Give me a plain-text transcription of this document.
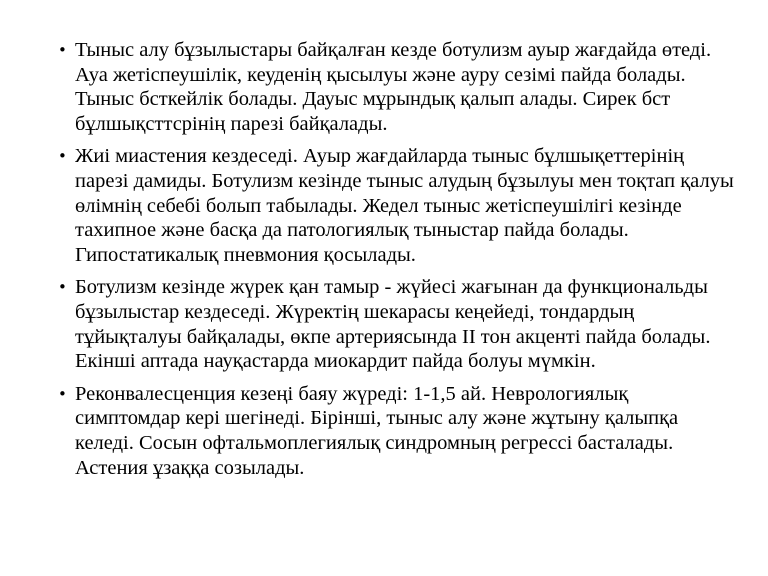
• Тыныс алу бұзылыстары байқалған кезде ботулизм ауыр жағдайда өтеді. Ауа жетіспеушілік, кеуденің қысылуы және ауру сезімі пайда болады. Тыныс бсткейлік болады. Дауыс мұрындық қалып алады. Сирек бст бұлшықсттсрінің парезі байқалады.
• Жиі миастения кездеседі. Ауыр жағдайларда тыныс бұлшықеттерінің парезі дамиды. Ботулизм кезінде тыныс алудың бұзылуы мен тоқтап қалуы өлімнің себебі болып табылады. Жедел тыныс жетіспеушілігі кезінде тахипное және басқа да патологиялық тыныстар пайда болады. Гипостатикалық пневмония қосылады.
• Ботулизм кезінде жүрек қан тамыр - жүйесі жағынан да функциональды бұзылыстар кездеседі. Жүректің шекарасы кеңейеді, тондардың тұйықталуы байқалады, өкпе артериясында II тон акценті пайда болады. Екінші аптада науқастарда миокардит пайда болуы мүмкін.
• Реконвалесценция кезеңі баяу жүреді: 1-1,5 ай. Неврологиялық симптомдар кері шегінеді. Бірінші, тыныс алу және жұтыну қалыпқа келеді. Сосын офтальмоплегиялық синдромның регрессі басталады. Астения ұзаққа созылады.
